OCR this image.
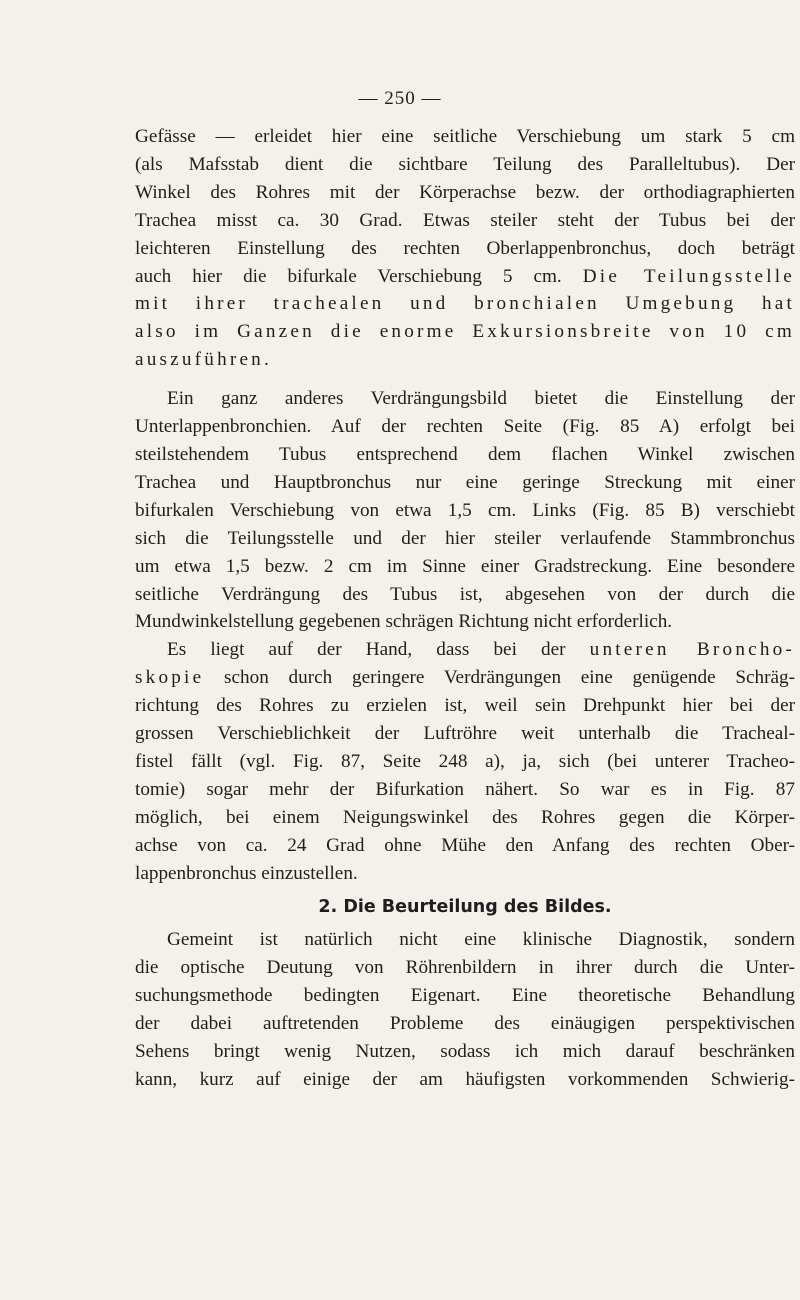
— 250 —

Gefässe — erleidet hier eine seitliche Verschiebung um stark 5 cm
(als Mafsstab dient die sichtbare Teilung des Paralleltubus). Der
Winkel des Rohres mit der Körperachse bezw. der orthodiagraphierten
Trachea misst ca. 30 Grad. Etwas steiler steht der Tubus bei der
leichteren Einstellung des rechten Oberlappenbronchus, doch beträgt
auch hier die bifurkale Verschiebung 5 cm. Die Teilungsstelle
mit ihrer trachealen und bronchialen Umgebung hat
also im Ganzen die enorme Exkursionsbreite von 10 cm
auszuführen.

Ein ganz anderes Verdrängungsbild bietet die Einstellung der
Unterlappenbronchien. Auf der rechten Seite (Fig. 85 A) erfolgt bei
steilstehendem Tubus entsprechend dem flachen Winkel zwischen
Trachea und Hauptbronchus nur eine geringe Streckung mit einer
bifurkalen Verschiebung von etwa 1,5 cm. Links (Fig. 85 B) verschiebt
sich die Teilungsstelle und der hier steiler verlaufende Stammbronchus
um etwa 1,5 bezw. 2 cm im Sinne einer Gradstreckung. Eine besondere
seitliche Verdrängung des Tubus ist, abgesehen von der durch die
Mundwinkelstellung gegebenen schrägen Richtung nicht erforderlich.

Es liegt auf der Hand, dass bei der unteren Broncho-
skopie schon durch geringere Verdrängungen eine genügende Schräg-
richtung des Rohres zu erzielen ist, weil sein Drehpunkt hier bei der
grossen Verschieblichkeit der Luftröhre weit unterhalb die Tracheal-
fistel fällt (vgl. Fig. 87, Seite 248 a), ja, sich (bei unterer Tracheo-
tomie) sogar mehr der Bifurkation nähert. So war es in Fig. 87
möglich, bei einem Neigungswinkel des Rohres gegen die Körper-
achse von ca. 24 Grad ohne Mühe den Anfang des rechten Ober-
lappenbronchus einzustellen.

2. Die Beurteilung des Bildes.

Gemeint ist natürlich nicht eine klinische Diagnostik, sondern
die optische Deutung von Röhrenbildern in ihrer durch die Unter-
suchungsmethode bedingten Eigenart. Eine theoretische Behandlung
der dabei auftretenden Probleme des einäugigen perspektivischen
Sehens bringt wenig Nutzen, sodass ich mich darauf beschränken
kann, kurz auf einige der am häufigsten vorkommenden Schwierig-
